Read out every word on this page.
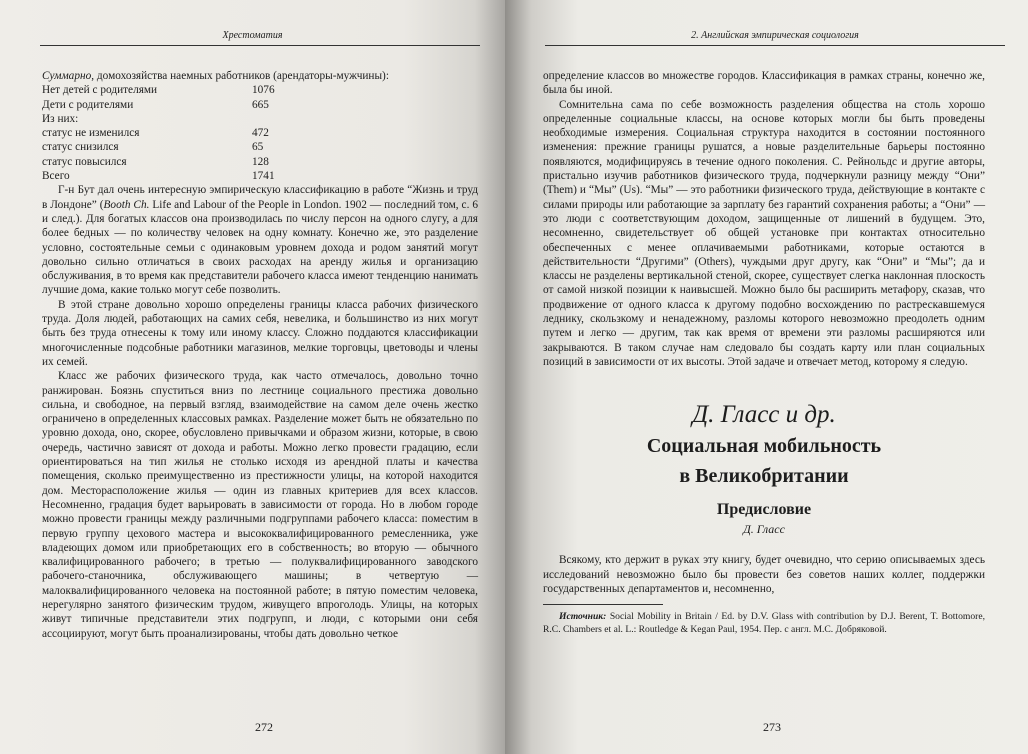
Хрестоматия

Суммарно, домохозяйства наемных работников (арендаторы-мужчины):

Нет детей с родителями	1076
Дети с родителями	665
Из них:
статус не изменился	472
статус снизился	65
статус повысился	128
Всего	1741

Г-н Бут дал очень интересную эмпирическую классификацию в работе “Жизнь и труд в Лондоне” (Booth Ch. Life and Labour of the People in London. 1902 — последний том, с. 6 и след.). Для богатых классов она производилась по числу персон на одного слугу, а для более бедных — по количеству человек на одну комнату. Конечно же, это разделение условно, состоятельные семьи с одинаковым уровнем дохода и родом занятий могут довольно сильно отличаться в своих расходах на аренду жилья и организацию обслуживания, в то время как представители рабочего класса имеют тенденцию нанимать лучшие дома, какие только могут себе позволить.

В этой стране довольно хорошо определены границы класса рабочих физического труда. Доля людей, работающих на самих себя, невелика, и большинство из них могут быть без труда отнесены к тому или иному классу. Сложно поддаются классификации многочисленные подсобные работники магазинов, мелкие торговцы, цветоводы и члены их семей.

Класс же рабочих физического труда, как часто отмечалось, довольно точно ранжирован. Боязнь спуститься вниз по лестнице социального престижа довольно сильна, и свободное, на первый взгляд, взаимодействие на самом деле очень жестко ограничено в определенных классовых рамках. Разделение может быть не обязательно по уровню дохода, оно, скорее, обусловлено привычками и образом жизни, которые, в свою очередь, частично зависят от дохода и работы. Можно легко провести градацию, если ориентироваться на тип жилья не столько исходя из арендной платы и качества помещения, сколько преимущественно из престижности улицы, на которой находится дом. Месторасположение жилья — один из главных критериев для всех классов. Несомненно, градация будет варьировать в зависимости от города. Но в любом городе можно провести границы между различными подгруппами рабочего класса: поместим в первую группу цехового мастера и высококвалифицированного ремесленника, уже владеющих домом или приобретающих его в собственность; во вторую — обычного квалифицированного рабочего; в третью — полуквалифицированного заводского рабочего-станочника, обслуживающего машины; в четвертую — малоквалифицированного человека на постоянной работе; в пятую поместим человека, нерегулярно занятого физическим трудом, живущего впроголодь. Улицы, на которых живут типичные представители этих подгрупп, и люди, с которыми они себя ассоциируют, могут быть проанализированы, чтобы дать довольно четкое

272
2. Английская эмпирическая социология

определение классов во множестве городов. Классификация в рамках страны, конечно же, была бы иной.

Сомнительна сама по себе возможность разделения общества на столь хорошо определенные социальные классы, на основе которых могли бы быть проведены необходимые измерения. Социальная структура находится в состоянии постоянного изменения: прежние границы рушатся, а новые разделительные барьеры постоянно появляются, модифицируясь в течение одного поколения. С. Рейнольдс и другие авторы, пристально изучив работников физического труда, подчеркнули разницу между “Они” (Them) и “Мы” (Us). “Мы” — это работники физического труда, действующие в контакте с силами природы или работающие за зарплату без гарантий сохранения работы; а “Они” — это люди с соответствующим доходом, защищенные от лишений в будущем. Это, несомненно, свидетельствует об общей установке при контактах относительно обеспеченных с менее оплачиваемыми работниками, которые остаются в действительности “Другими” (Others), чуждыми друг другу, как “Они” и “Мы”; да и классы не разделены вертикальной стеной, скорее, существует слегка наклонная плоскость от самой низкой позиции к наивысшей. Можно было бы расширить метафору, сказав, что продвижение от одного класса к другому подобно восхождению по растрескавшемуся леднику, скользкому и ненадежному, разломы которого невозможно преодолеть одним путем и легко — другим, так как время от времени эти разломы расширяются или закрываются. В таком случае нам следовало бы создать карту или план социальных позиций в зависимости от их высоты. Этой задаче и отвечает метод, которому я следую.

Д. Гласс и др.
Социальная мобильность
в Великобритании
Предисловие
Д. Гласс

Всякому, кто держит в руках эту книгу, будет очевидно, что серию описываемых здесь исследований невозможно было бы провести без советов наших коллег, поддержки государственных департаментов и, несомненно,

Источник: Social Mobility in Britain / Ed. by D.V. Glass with contribution by D.J. Berent, T. Bottomore, R.C. Chambers et al. L.: Routledge & Kegan Paul, 1954. Пер. с англ. М.С. Добряковой.

273
